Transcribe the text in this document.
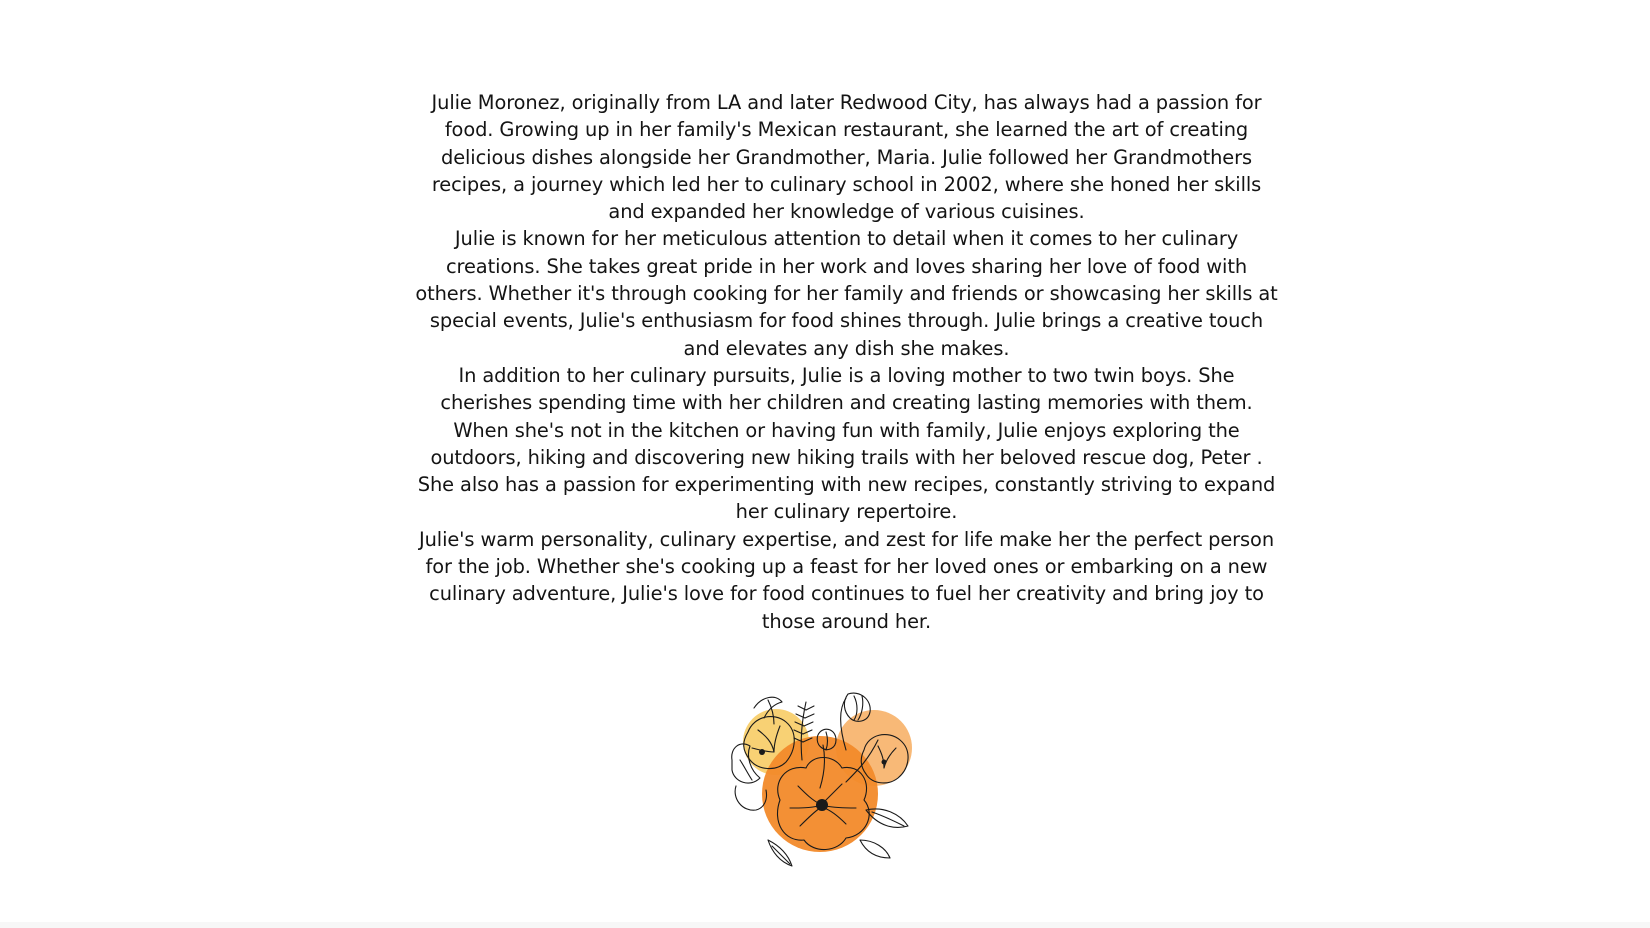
Julie Moronez, originally from LA and later Redwood City, has always had a passion for food. Growing up in her family's Mexican restaurant, she learned the art of creating delicious dishes alongside her Grandmother, Maria. Julie followed her Grandmothers recipes, a journey which led her to culinary school in 2002, where she honed her skills and expanded her knowledge of various cuisines.

Julie is known for her meticulous attention to detail when it comes to her culinary creations. She takes great pride in her work and loves sharing her love of food with others. Whether it's through cooking for her family and friends or showcasing her skills at special events, Julie's enthusiasm for food shines through. Julie brings a creative touch and elevates any dish she makes.

In addition to her culinary pursuits, Julie is a loving mother to two twin boys. She cherishes spending time with her children and creating lasting memories with them. When she's not in the kitchen or having fun with family, Julie enjoys exploring the outdoors, hiking and discovering new hiking trails with her beloved rescue dog, Peter . She also has a passion for experimenting with new recipes, constantly striving to expand her culinary repertoire.

Julie's warm personality, culinary expertise, and zest for life make her the perfect person for the job. Whether she's cooking up a feast for her loved ones or embarking on a new culinary adventure, Julie's love for food continues to fuel her creativity and bring joy to those around her.
